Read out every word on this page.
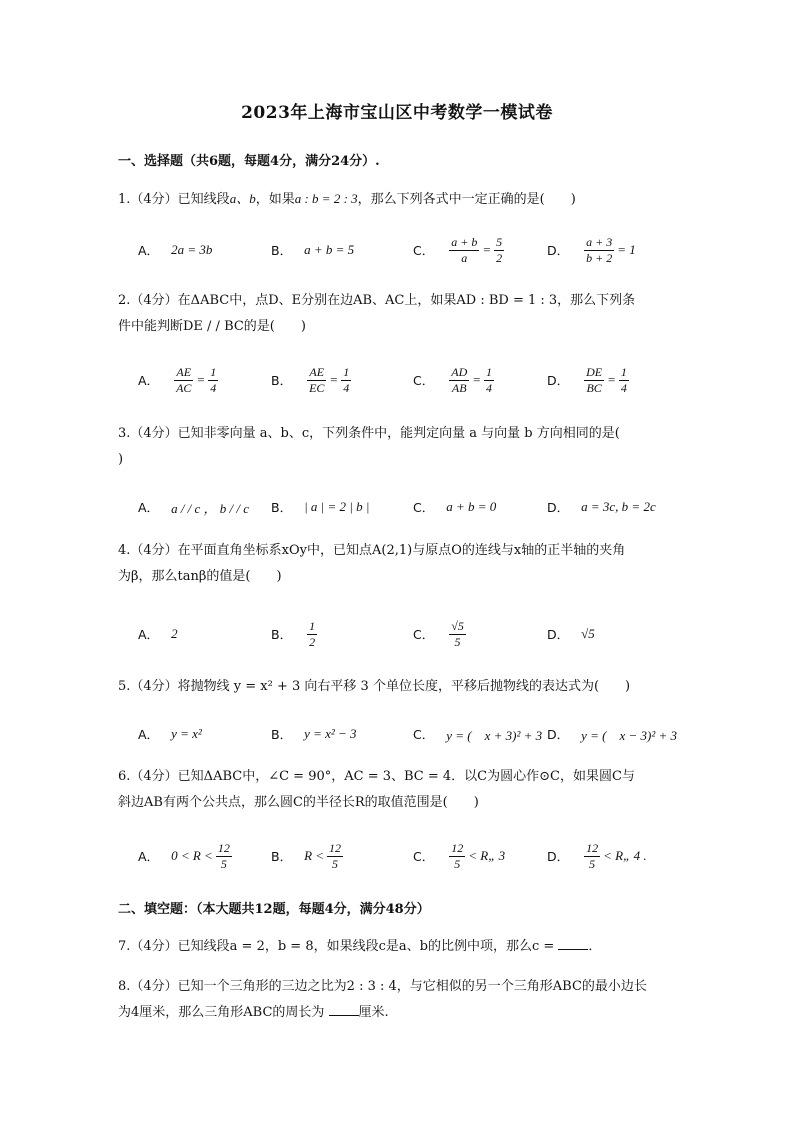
2023年上海市宝山区中考数学一模试卷
一、选择题（共6题，每题4分，满分24分）.
1.（4分）已知线段a、b，如果a : b = 2 : 3，那么下列各式中一定正确的是(　　)
A． 2a = 3b	B． a + b = 5	C． $\frac{a + b}{a} = \frac{5}{2}$	D． $\frac{a + 3}{b + 2} = 1$
2.（4分）在ΔABC中，点D、E分别在边AB、AC上，如果AD : BD = 1 : 3，那么下列条
件中能判断DE / / BC的是(　　)
A． $\frac{AE}{AC} = \frac{1}{4}$	B． $\frac{AE}{EC} = \frac{1}{4}$	C． $\frac{AD}{AB} = \frac{1}{4}$	D． $\frac{DE}{BC} = \frac{1}{4}$
3.（4分）已知非零向量 a、b、c，下列条件中，能判定向量 a 与向量 b 方向相同的是(
)
A． a / / c ， b / / c B． | a | = 2 | b |	C． a + b = 0	D． a = 3c, b = 2c
4.（4分）在平面直角坐标系xOy中，已知点A(2,1)与原点O的连线与x轴的正半轴的夹角
为β，那么tanβ的值是(　　)
A． 2	B． $\frac{1}{2}$	C． $\frac{√5}{5}$	D． √5
5.（4分）将抛物线 y = x² + 3 向右平移 3 个单位长度，平移后抛物线的表达式为(　　)
A． y = x²	B． y = x² − 3	C． y = (　x + 3)² + 3 D． y = (　x − 3)² + 3
6.（4分）已知ΔABC中，∠C = 90°，AC = 3、BC = 4．以C为圆心作⊙C，如果圆C与
斜边AB有两个公共点，那么圆C的半径长R的取值范围是(　　)
A． $0 < R < \frac{12}{5}$	B． $R < \frac{12}{5}$	C． $\frac{12}{5}$ < R„ 3	D． $\frac{12}{5}$ < R„ 4 .
二、填空题：（本大题共12题，每题4分，满分48分）
7.（4分）已知线段a = 2，b = 8，如果线段c是a、b的比例中项，那么c =	．
8.（4分）已知一个三角形的三边之比为2 : 3 : 4，与它相似的另一个三角形ABC的最小边长
为4厘米，那么三角形ABC的周长为	厘米.
